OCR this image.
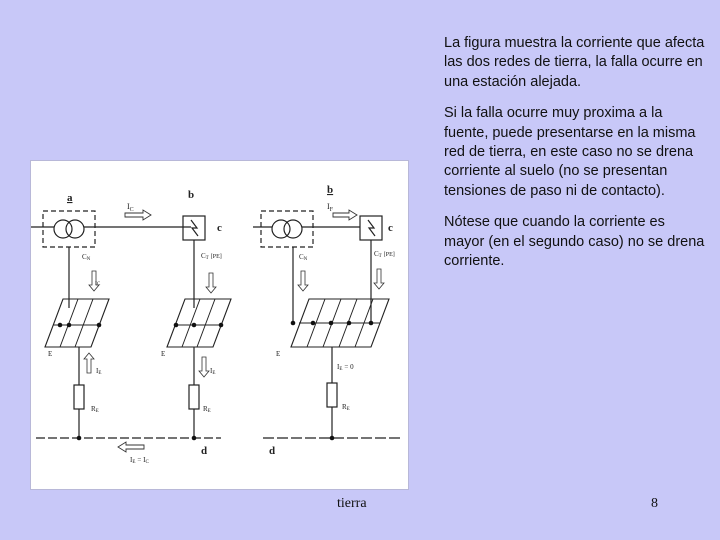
a
$I_C$
b
c
CN
IC
CT [PE]
E	E
IE
RE
IE
RE
IE = IC
d
b
$I_F$
c
CN
CT [PE]
E
IE = 0
RE
d

La figura muestra la corriente que afecta las dos redes de tierra, la falla ocurre en una estación alejada.

Si la falla ocurre muy proxima a la fuente, puede presentarse en la misma red de tierra, en este caso no se drena corriente al suelo (no se presentan tensiones de paso ni de contacto).

Nótese que cuando la corriente es mayor (en el segundo caso) no se drena corriente.

tierra	8
